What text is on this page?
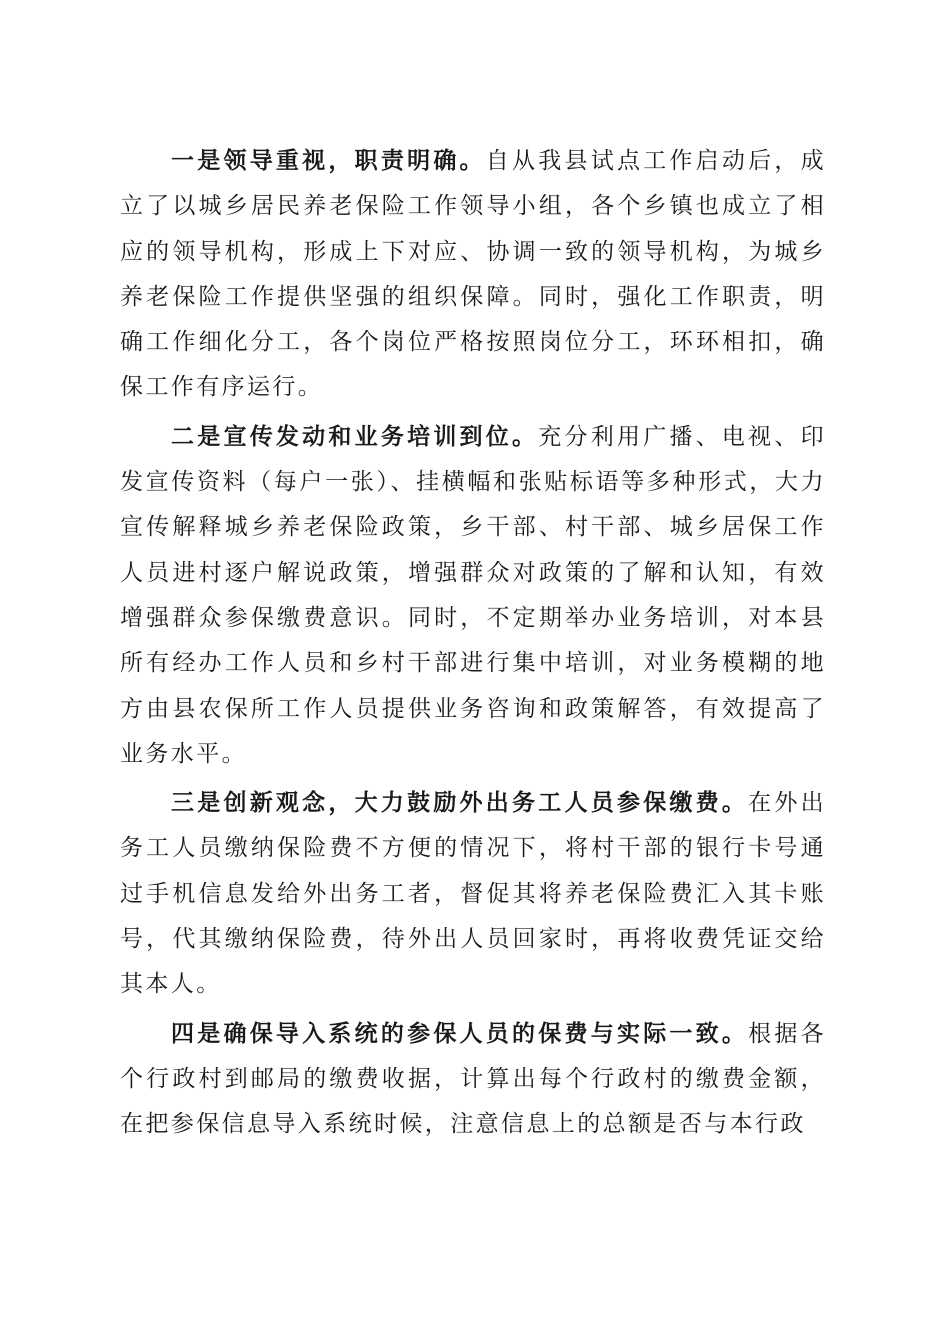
一是领导重视，职责明确。自从我县试点工作启动后，成立了以城乡居民养老保险工作领导小组，各个乡镇也成立了相应的领导机构，形成上下对应、协调一致的领导机构，为城乡养老保险工作提供坚强的组织保障。同时，强化工作职责，明确工作细化分工，各个岗位严格按照岗位分工，环环相扣，确保工作有序运行。

二是宣传发动和业务培训到位。充分利用广播、电视、印发宣传资料（每户一张）、挂横幅和张贴标语等多种形式，大力宣传解释城乡养老保险政策，乡干部、村干部、城乡居保工作人员进村逐户解说政策，增强群众对政策的了解和认知，有效增强群众参保缴费意识。同时，不定期举办业务培训，对本县所有经办工作人员和乡村干部进行集中培训，对业务模糊的地方由县农保所工作人员提供业务咨询和政策解答，有效提高了业务水平。

三是创新观念，大力鼓励外出务工人员参保缴费。在外出务工人员缴纳保险费不方便的情况下，将村干部的银行卡号通过手机信息发给外出务工者，督促其将养老保险费汇入其卡账号，代其缴纳保险费，待外出人员回家时，再将收费凭证交给其本人。

四是确保导入系统的参保人员的保费与实际一致。根据各个行政村到邮局的缴费收据，计算出每个行政村的缴费金额，在把参保信息导入系统时候，注意信息上的总额是否与本行政
